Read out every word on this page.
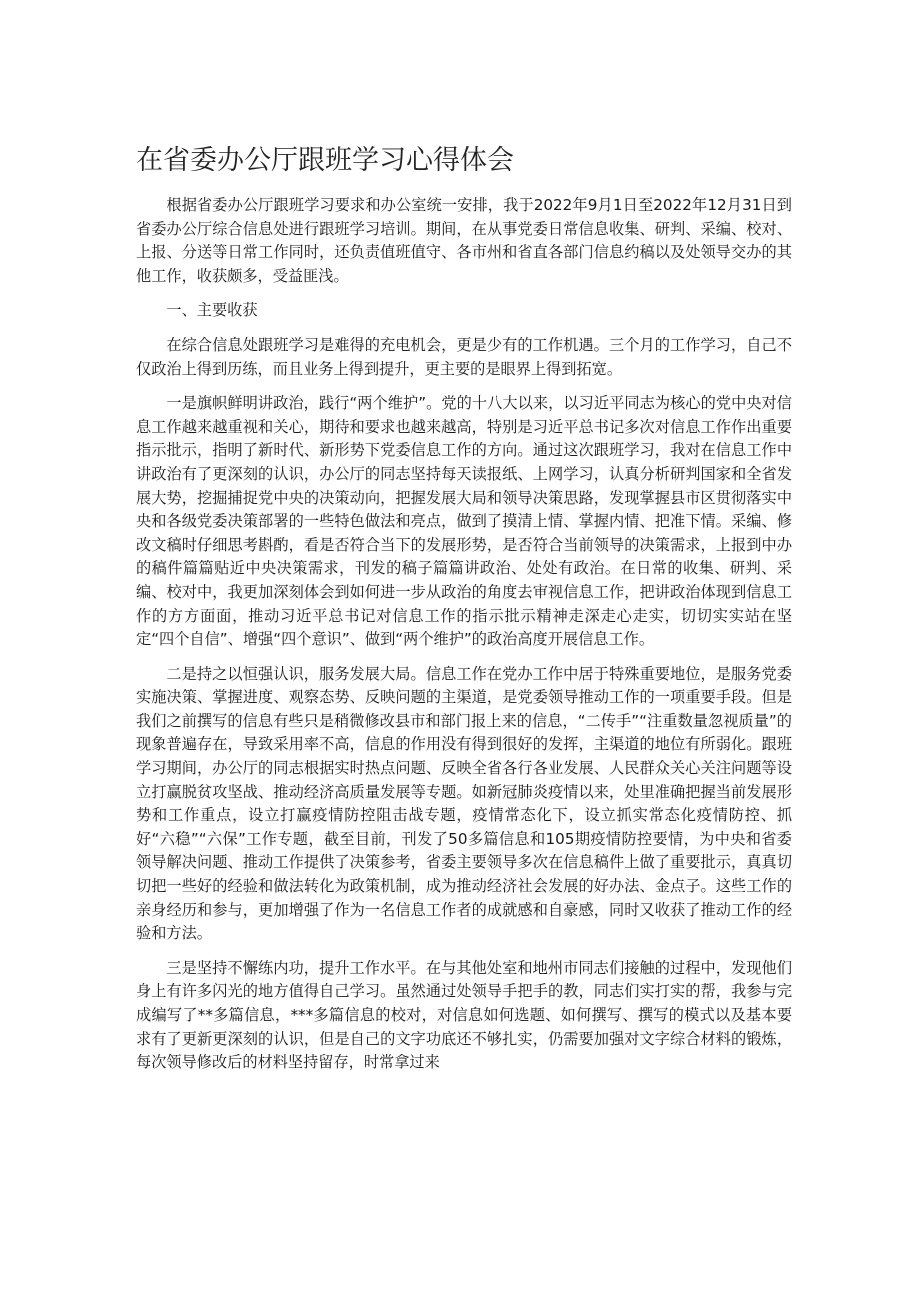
在省委办公厅跟班学习心得体会

根据省委办公厅跟班学习要求和办公室统一安排，我于2022年9月1日至2022年12月31日到省委办公厅综合信息处进行跟班学习培训。期间，在从事党委日常信息收集、研判、采编、校对、上报、分送等日常工作同时，还负责值班值守、各市州和省直各部门信息约稿以及处领导交办的其他工作，收获颇多，受益匪浅。

一、主要收获

在综合信息处跟班学习是难得的充电机会，更是少有的工作机遇。三个月的工作学习，自己不仅政治上得到历练，而且业务上得到提升，更主要的是眼界上得到拓宽。

一是旗帜鲜明讲政治，践行“两个维护”。党的十八大以来，以习近平同志为核心的党中央对信息工作越来越重视和关心，期待和要求也越来越高，特别是习近平总书记多次对信息工作作出重要指示批示，指明了新时代、新形势下党委信息工作的方向。通过这次跟班学习，我对在信息工作中讲政治有了更深刻的认识，办公厅的同志坚持每天读报纸、上网学习，认真分析研判国家和全省发展大势，挖掘捕捉党中央的决策动向，把握发展大局和领导决策思路，发现掌握县市区贯彻落实中央和各级党委决策部署的一些特色做法和亮点，做到了摸清上情、掌握内情、把准下情。采编、修改文稿时仔细思考斟酌，看是否符合当下的发展形势，是否符合当前领导的决策需求，上报到中办的稿件篇篇贴近中央决策需求，刊发的稿子篇篇讲政治、处处有政治。在日常的收集、研判、采编、校对中，我更加深刻体会到如何进一步从政治的角度去审视信息工作，把讲政治体现到信息工作的方方面面，推动习近平总书记对信息工作的指示批示精神走深走心走实，切切实实站在坚定“四个自信”、增强“四个意识”、做到“两个维护”的政治高度开展信息工作。

二是持之以恒强认识，服务发展大局。信息工作在党办工作中居于特殊重要地位，是服务党委实施决策、掌握进度、观察态势、反映问题的主渠道，是党委领导推动工作的一项重要手段。但是我们之前撰写的信息有些只是稍微修改县市和部门报上来的信息，“二传手”“注重数量忽视质量”的现象普遍存在，导致采用率不高，信息的作用没有得到很好的发挥，主渠道的地位有所弱化。跟班学习期间，办公厅的同志根据实时热点问题、反映全省各行各业发展、人民群众关心关注问题等设立打赢脱贫攻坚战、推动经济高质量发展等专题。如新冠肺炎疫情以来，处里准确把握当前发展形势和工作重点，设立打赢疫情防控阻击战专题，疫情常态化下，设立抓实常态化疫情防控、抓好“六稳”“六保”工作专题，截至目前，刊发了50多篇信息和105期疫情防控要情，为中央和省委领导解决问题、推动工作提供了决策参考，省委主要领导多次在信息稿件上做了重要批示，真真切切把一些好的经验和做法转化为政策机制，成为推动经济社会发展的好办法、金点子。这些工作的亲身经历和参与，更加增强了作为一名信息工作者的成就感和自豪感，同时又收获了推动工作的经验和方法。

三是坚持不懈练内功，提升工作水平。在与其他处室和地州市同志们接触的过程中，发现他们身上有许多闪光的地方值得自己学习。虽然通过处领导手把手的教，同志们实打实的帮，我参与完成编写了**多篇信息，***多篇信息的校对，对信息如何选题、如何撰写、撰写的模式以及基本要求有了更新更深刻的认识，但是自己的文字功底还不够扎实，仍需要加强对文字综合材料的锻炼，每次领导修改后的材料坚持留存，时常拿过来
